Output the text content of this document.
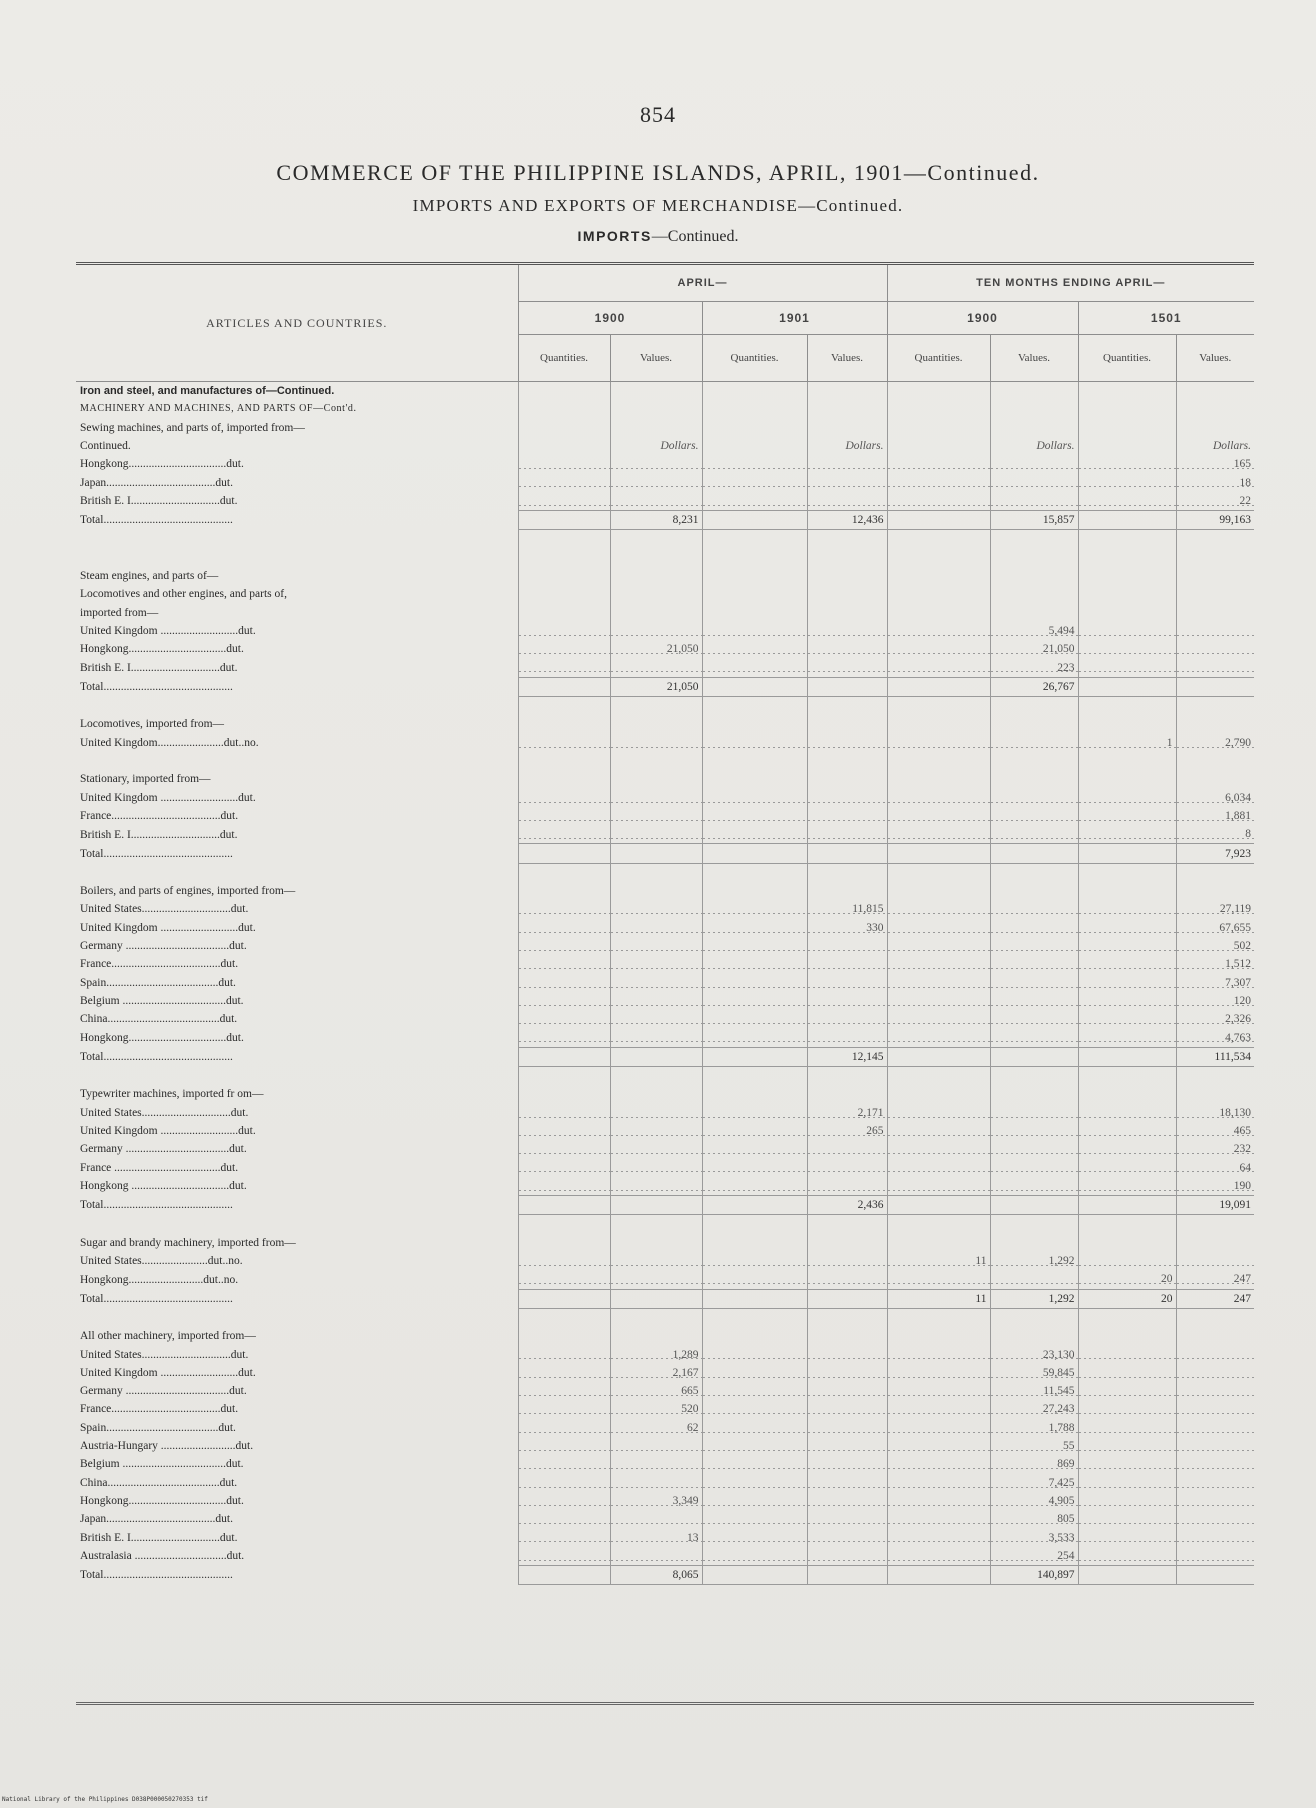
854
COMMERCE OF THE PHILIPPINE ISLANDS, APRIL, 1901—Continued.
IMPORTS AND EXPORTS OF MERCHANDISE—Continued.
IMPORTS—Continued.
ARTICLES AND COUNTRIES.	APRIL—				TEN MONTHS ENDING APRIL—			
	1900		1901		1900		1501	
	Quantities.	Values.	Quantities.	Values.	Quantities.	Values.	Quantities.	Values.
Iron and steel, and manufactures of—Continued.								
MACHINERY AND MACHINES, AND PARTS OF—Cont'd.								
Sewing machines, and parts of, imported from—								
Continued.		Dollars.		Dollars.		Dollars.		Dollars.
Hongkong..................................dut.								165
Japan......................................dut.								18
British E. I...............................dut.								22
Total.............................................		8,231		12,436		15,857		99,163

Steam engines, and parts of—								
Locomotives and other engines, and parts of,								
imported from—								
United Kingdom ...........................dut.						5,494		
Hongkong..................................dut.		21,050				21,050		
British E. I...............................dut.						223		
Total.............................................		21,050				26,767		

Locomotives, imported from—								
United Kingdom.......................dut..no.							1	2,790

Stationary, imported from—								
United Kingdom ...........................dut.								6,034
France......................................dut.								1,881
British E. I...............................dut.								8
Total.............................................								7,923

Boilers, and parts of engines, imported from—								
United States...............................dut.				11,815				27,119
United Kingdom ...........................dut.				330				67,655
Germany ....................................dut.								502
France......................................dut.								1,512
Spain.......................................dut.								7,307
Belgium ....................................dut.								120
China.......................................dut.								2,326
Hongkong..................................dut.								4,763
Total.............................................				12,145				111,534

Typewriter machines, imported fr om—								
United States...............................dut.				2,171				18,130
United Kingdom ...........................dut.				265				465
Germany ....................................dut.								232
France .....................................dut.								64
Hongkong ..................................dut.								190
Total.............................................				2,436				19,091

Sugar and brandy machinery, imported from—								
United States.......................dut..no.					11	1,292		
Hongkong..........................dut..no.							20	247
Total.............................................					11	1,292	20	247

All other machinery, imported from—								
United States...............................dut.		1,289				23,130		
United Kingdom ...........................dut.		2,167				59,845		
Germany ....................................dut.		665				11,545		
France......................................dut.		520				27,243		
Spain.......................................dut.		62				1,788		
Austria-Hungary ..........................dut.						55		
Belgium ....................................dut.						869		
China.......................................dut.						7,425		
Hongkong..................................dut.		3,349				4,905		
Japan......................................dut.						805		
British E. I...............................dut.		13				3,533		
Australasia ................................dut.						254		
Total.............................................		8,065				140,897		
National Library of the Philippines D038P000050270353 tif
